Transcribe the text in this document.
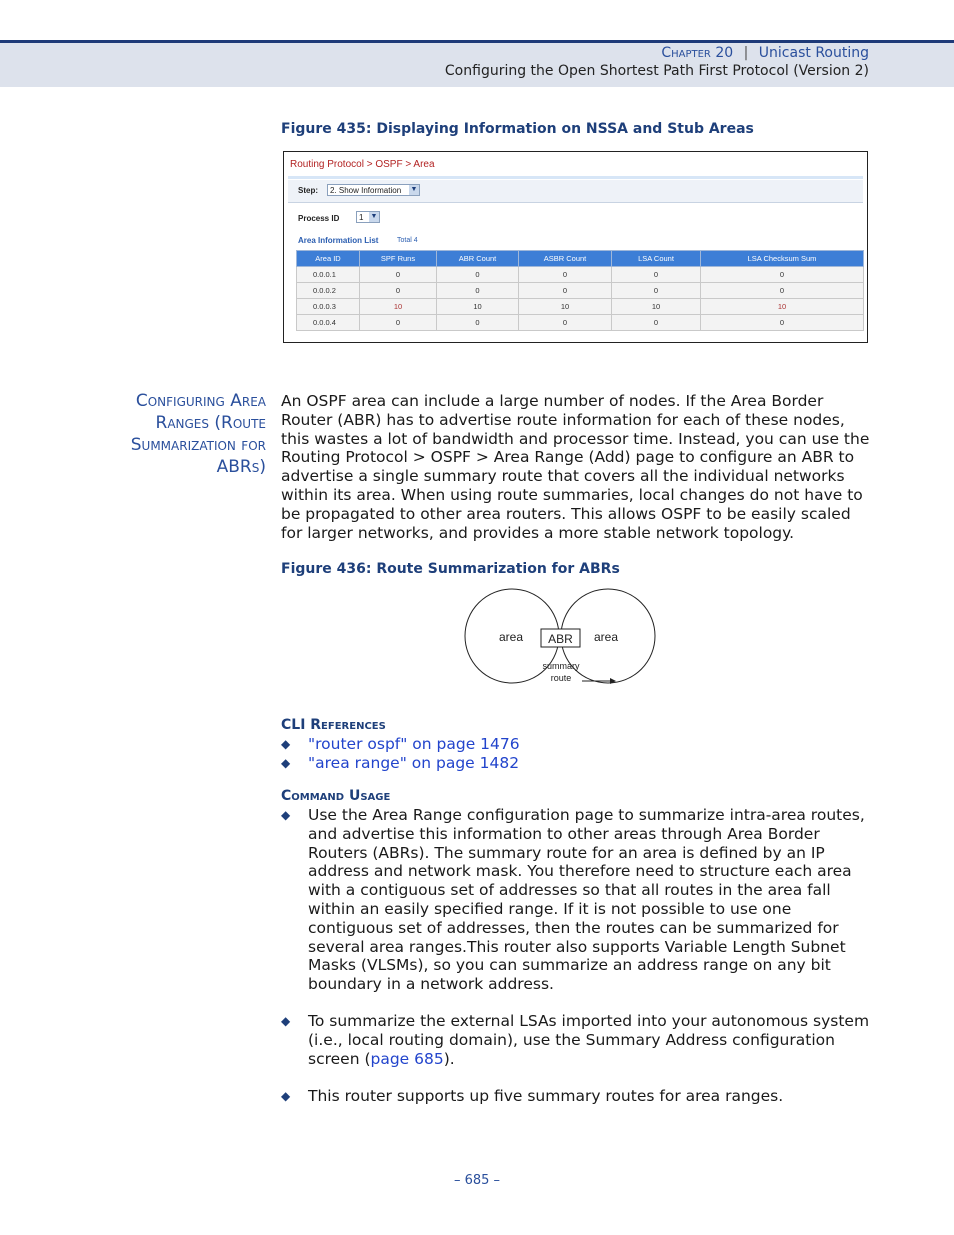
Chapter 20 | Unicast Routing
Configuring the Open Shortest Path First Protocol (Version 2)
Figure 435: Displaying Information on NSSA and Stub Areas
Routing Protocol > OSPF > Area
Step:	2. Show Information ▼
Process ID	1 ▼
Area Information List	Total 4
Area ID	SPF Runs	ABR Count	ASBR Count	LSA Count	LSA Checksum Sum
0.0.0.1	0	0	0	0	0
0.0.0.2	0	0	0	0	0
0.0.0.3	10	10	10	10	10
0.0.0.4	0	0	0	0	0
Configuring Area
Ranges (Route
Summarization for
ABRs)
An OSPF area can include a large number of nodes. If the Area Border Router (ABR) has to advertise route information for each of these nodes, this wastes a lot of bandwidth and processor time. Instead, you can use the Routing Protocol > OSPF > Area Range (Add) page to configure an ABR to advertise a single summary route that covers all the individual networks within its area. When using route summaries, local changes do not have to be propagated to other area routers. This allows OSPF to be easily scaled for larger networks, and provides a more stable network topology.
Figure 436: Route Summarization for ABRs
ABR
area	area
summary
route
CLI References
◆ "router ospf" on page 1476
◆ "area range" on page 1482
Command Usage
◆ Use the Area Range configuration page to summarize intra-area routes, and advertise this information to other areas through Area Border Routers (ABRs). The summary route for an area is defined by an IP address and network mask. You therefore need to structure each area with a contiguous set of addresses so that all routes in the area fall within an easily specified range. If it is not possible to use one contiguous set of addresses, then the routes can be summarized for several area ranges.This router also supports Variable Length Subnet Masks (VLSMs), so you can summarize an address range on any bit boundary in a network address.
◆ To summarize the external LSAs imported into your autonomous system (i.e., local routing domain), use the Summary Address configuration screen (page 685).
◆ This router supports up five summary routes for area ranges.
– 685 –
